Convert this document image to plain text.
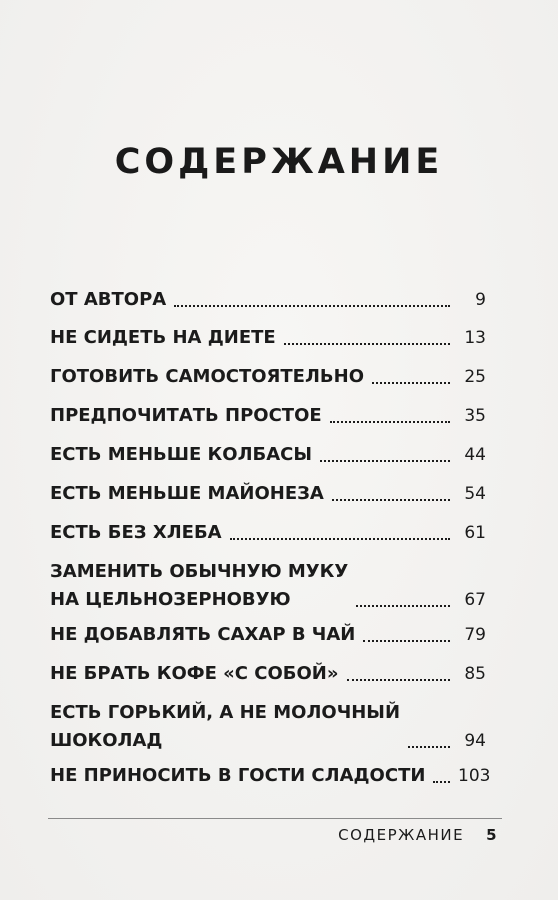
СОДЕРЖАНИЕ
ОТ АВТОРА	9
НЕ СИДЕТЬ НА ДИЕТЕ	13
ГОТОВИТЬ САМОСТОЯТЕЛЬНО	25
ПРЕДПОЧИТАТЬ ПРОСТОЕ	35
ЕСТЬ МЕНЬШЕ КОЛБАСЫ	44
ЕСТЬ МЕНЬШЕ МАЙОНЕЗА	54
ЕСТЬ БЕЗ ХЛЕБА	61
ЗАМЕНИТЬ ОБЫЧНУЮ МУКУ
НА ЦЕЛЬНОЗЕРНОВУЮ	67
НЕ ДОБАВЛЯТЬ САХАР В ЧАЙ	79
НЕ БРАТЬ КОФЕ «С СОБОЙ»	85
ЕСТЬ ГОРЬКИЙ, А НЕ МОЛОЧНЫЙ
ШОКОЛАД	94
НЕ ПРИНОСИТЬ В ГОСТИ СЛАДОСТИ 103
СОДЕРЖАНИЕ 5
